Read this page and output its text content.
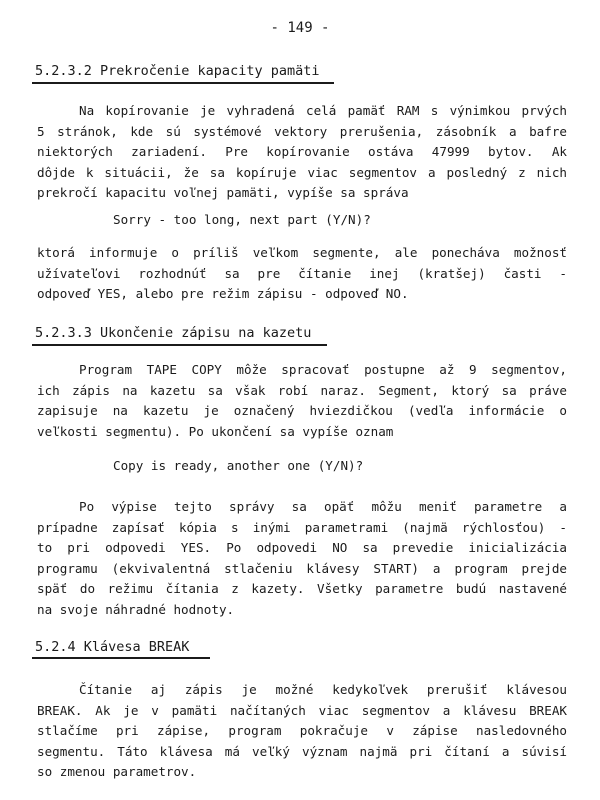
- 149 -
5.2.3.2 Prekročenie kapacity pamäti
Na kopírovanie je vyhradená celá pamäť RAM s výnimkou prvých
5 stránok, kde sú systémové vektory prerušenia, zásobník a bafre
niektorých zariadení. Pre kopírovanie ostáva 47999 bytov. Ak
dôjde k situácii, že sa kopíruje viac segmentov a posledný z nich
prekročí kapacitu voľnej pamäti, vypíše sa správa
Sorry - too long, next part (Y/N)?
ktorá informuje o príliš veľkom segmente, ale ponecháva možnosť
užívateľovi rozhodnúť sa pre čítanie inej (kratšej) časti -
odpoveď YES, alebo pre režim zápisu - odpoveď NO.
5.2.3.3 Ukončenie zápisu na kazetu
Program TAPE COPY môže spracovať postupne až 9 segmentov,
ich zápis na kazetu sa však robí naraz. Segment, ktorý sa práve
zapisuje na kazetu je označený hviezdičkou (vedľa informácie o
veľkosti segmentu). Po ukončení sa vypíše oznam
Copy is ready, another one (Y/N)?
Po výpise tejto správy sa opäť môžu meniť parametre a
prípadne zapísať kópia s inými parametrami (najmä rýchlosťou) -
to pri odpovedi YES. Po odpovedi NO sa prevedie inicializácia
programu (ekvivalentná stlačeniu klávesy START) a program prejde
späť do režimu čítania z kazety. Všetky parametre budú nastavené
na svoje náhradné hodnoty.
5.2.4 Klávesa BREAK
Čítanie aj zápis je možné kedykoľvek prerušiť klávesou
BREAK. Ak je v pamäti načítaných viac segmentov a klávesu BREAK
stlačíme pri zápise, program pokračuje v zápise nasledovného
segmentu. Táto klávesa má veľký význam najmä pri čítaní a súvisí
so zmenou parametrov.
